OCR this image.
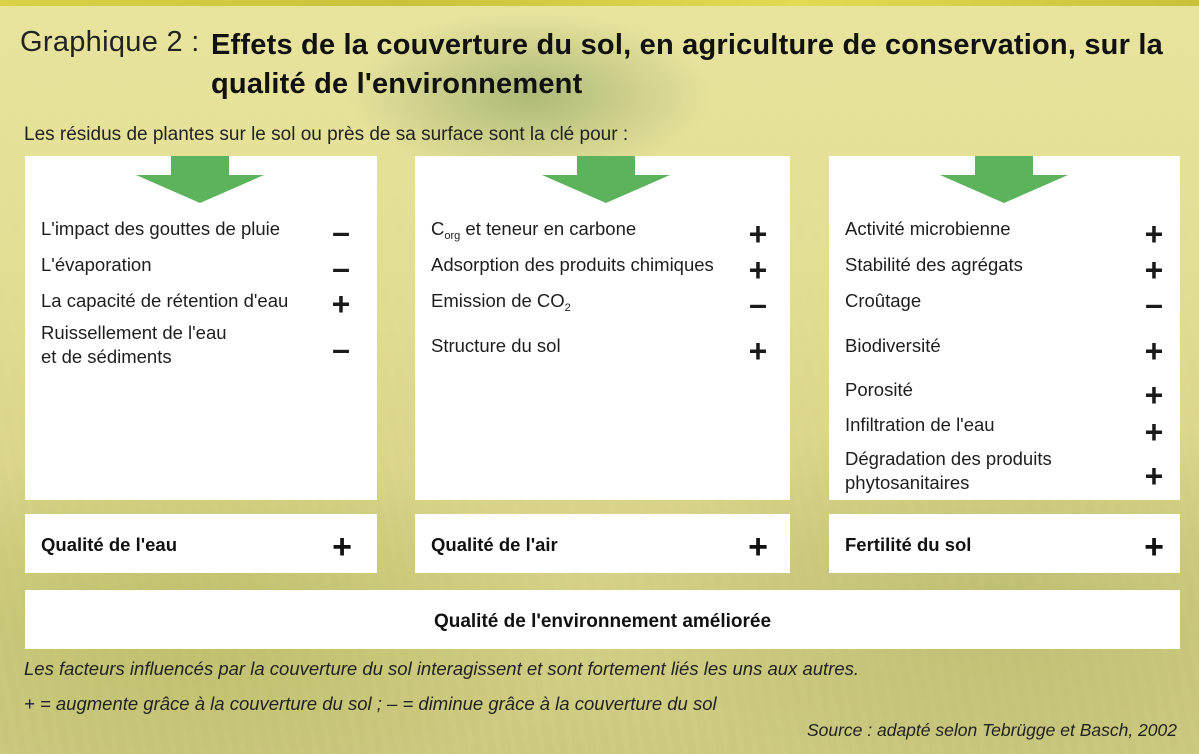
Graphique 2 : Effets de la couverture du sol, en agriculture de conservation, sur la qualité de l'environnement
Les résidus de plantes sur le sol ou près de sa surface sont la clé pour :
L'impact des gouttes de pluie –
L'évaporation	–
La capacité de rétention d'eau +
Ruissellement de l'eau
et de sédiments	–
Qualité de l'eau	+
$C_{org}$ et teneur en carbone	+
Adsorption des produits chimiques +
Emission de $CO_2$	–
Structure du sol	+
Qualité de l'air	+
Activité microbienne	+
Stabilité des agrégats	+
Croûtage	–
Biodiversité	+
Porosité	+
Infiltration de l'eau	+
Dégradation des produits
phytosanitaires	+
Fertilité du sol	+
Qualité de l'environnement améliorée
Les facteurs influencés par la couverture du sol interagissent et sont fortement liés les uns aux autres.
+ = augmente grâce à la couverture du sol ; – = diminue grâce à la couverture du sol
Source : adapté selon Tebrügge et Basch, 2002
